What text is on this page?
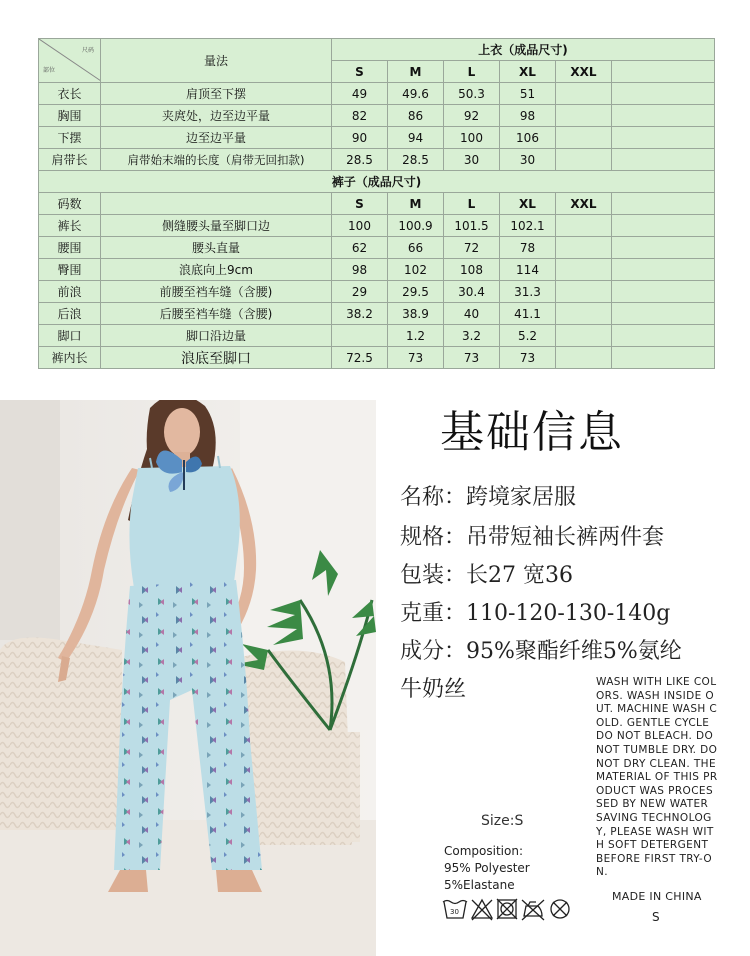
尺码
部位	量法	上衣（成品尺寸)					
		S	M	L	XL	XXL	
衣长	肩顶至下摆	49	49.6	50.3	51		
胸围	夹庹处，边至边平量	82	86	92	98		
下摆	边至边平量	90	94	100	106		
肩带长	肩带始末端的长度（肩带无回扣款)	28.5	28.5	30	30		
裤子（成品尺寸)							
码数		S	M	L	XL	XXL	
裤长	侧缝腰头量至脚口边	100	100.9	101.5	102.1		
腰围	腰头直量	62	66	72	78		
臀围	浪底向上9cm	98	102	108	114		
前浪	前腰至裆车缝（含腰)	29	29.5	30.4	31.3		
后浪	后腰至裆车缝（含腰)	38.2	38.9	40	41.1		
脚口	脚口沿边量		1.2	3.2	5.2		
裤内长	浪底至脚口	72.5	73	73	73		
基础信息
名称：跨境家居服
规格：吊带短袖长裤两件套
包装：长27 宽36
克重：110-120-130-140g
成分：95%聚酯纤维5%氨纶
牛奶丝	WASH WITH LIKE COL
ORS. WASH INSIDE O
UT. MACHINE WASH C
OLD. GENTLE CYCLE
DO NOT BLEACH. DO
NOT TUMBLE DRY. DO
NOT DRY CLEAN. THE
MATERIAL OF THIS PR
ODUCT WAS PROCES
SED BY NEW WATER
SAVING TECHNOLOG
Y, PLEASE WASH WIT
H SOFT DETERGENT
BEFORE FIRST TRY-O
N.
Size:S
Composition:
95% Polyester
5%Elastane
30
MADE IN CHINA
S
